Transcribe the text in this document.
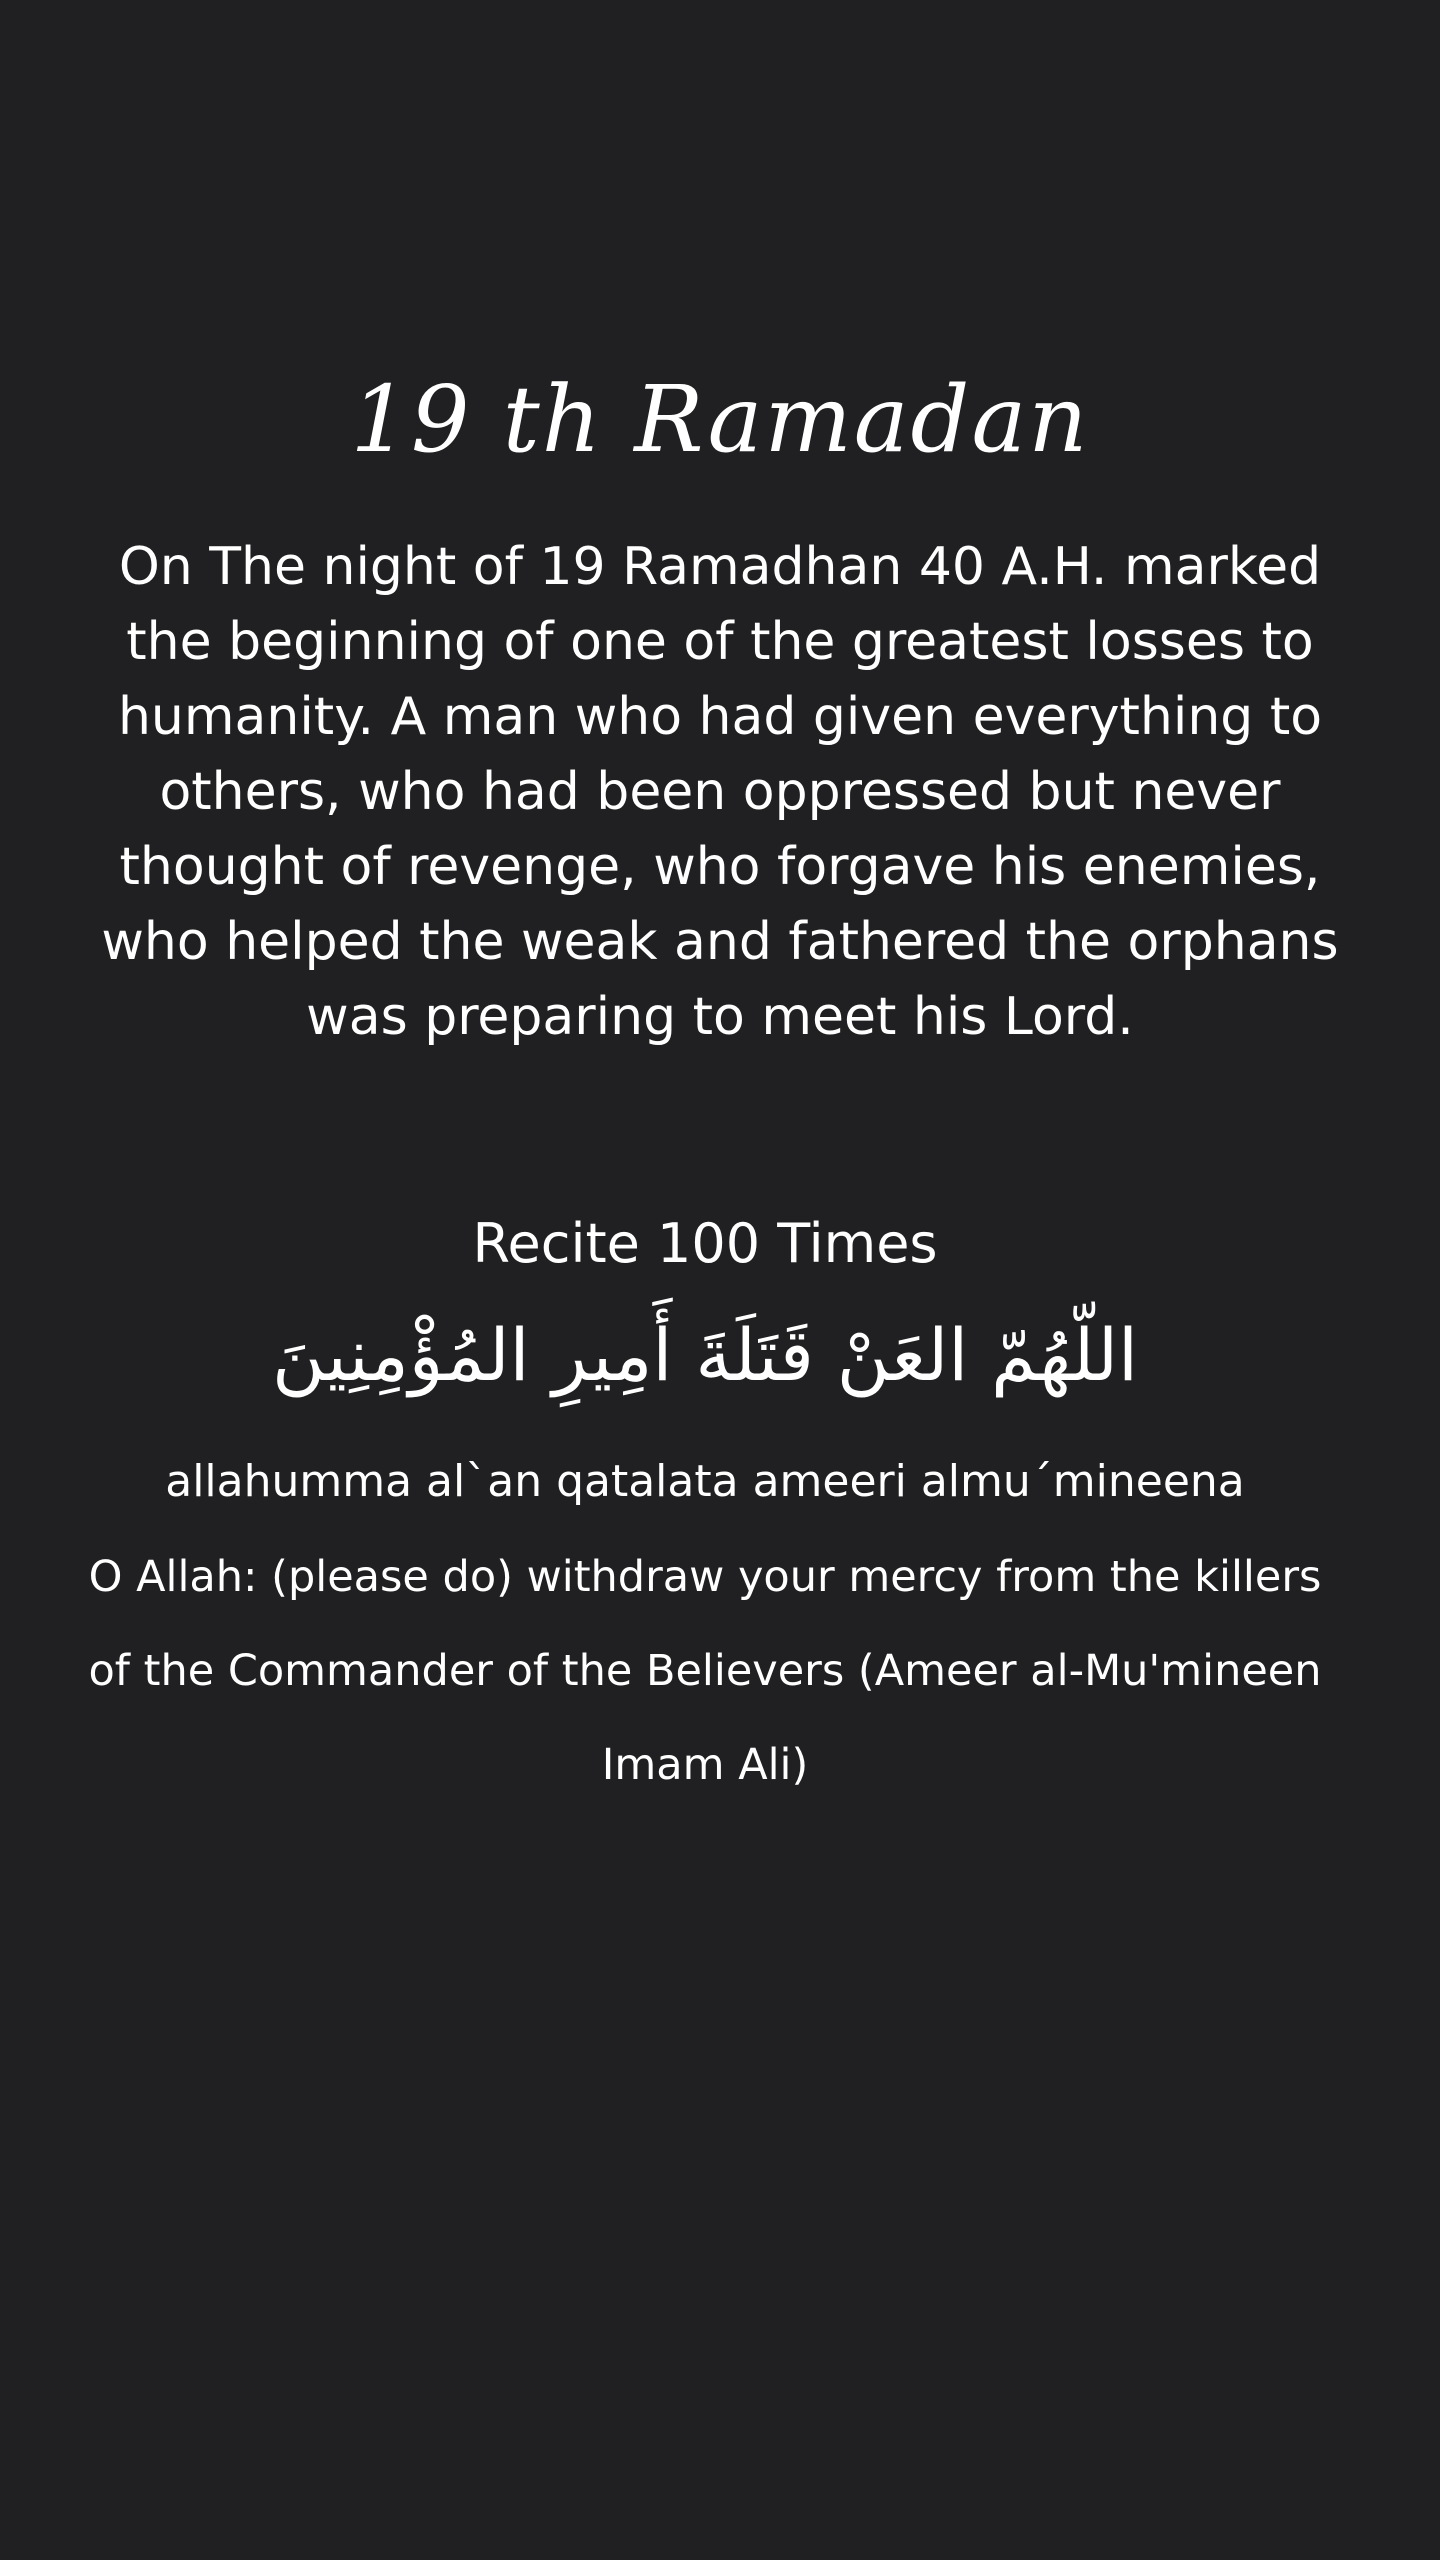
19 th Ramadan
On The night of 19 Ramadhan 40 A.H. marked the beginning of one of the greatest losses to humanity. A man who had given everything to others, who had been oppressed but never thought of revenge, who forgave his enemies, who helped the weak and fathered the orphans was preparing to meet his Lord.
Recite 100 Times
اللّهُمّ العَنْ قَتَلَةَ أَمِيرِ المُؤْمِنِينَ
allahumma al`an qatalata ameeri almu´mineena
O Allah: (please do) withdraw your mercy from the killers of the Commander of the Believers (Ameer al-Mu'mineen Imam Ali)
